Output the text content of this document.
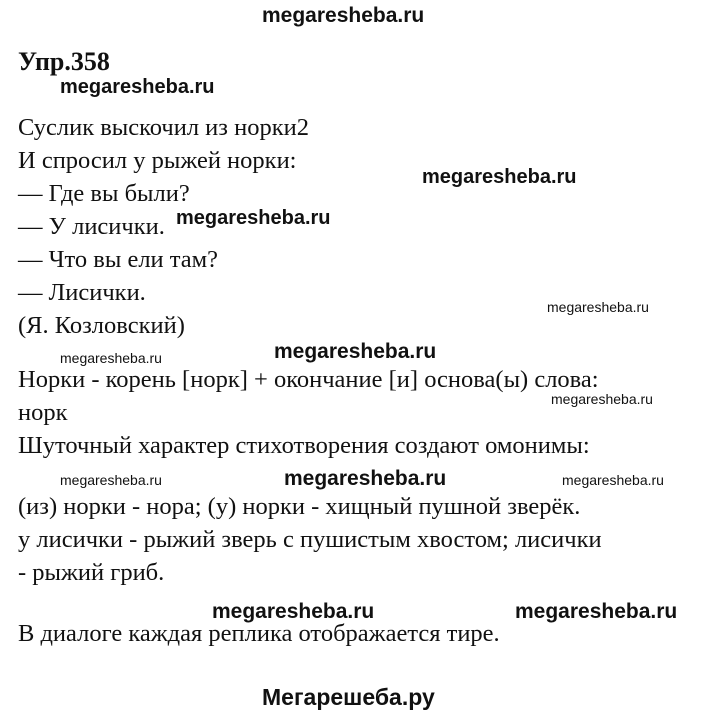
megaresheba.ru
Упр.358
megaresheba.ru
Суслик выскочил из норки2
И спросил у рыжей норки:
— Где вы были?
— У лисички.
— Что вы ели там?
— Лисички.
(Я. Козловский)
megaresheba.ru
megaresheba.ru
megaresheba.ru
megaresheba.ru	megaresheba.ru
megaresheba.ru
Норки - корень [норк] + окончание [и] основа(ы) слова:
норк
Шуточный характер стихотворения создают омонимы:
megaresheba.ru	megaresheba.ru	megaresheba.ru
(из) норки - нора; (у) норки - хищный пушной зверёк.
у лисички - рыжий зверь с пушистым хвостом; лисички
- рыжий гриб.
megaresheba.ru	megaresheba.ru
В диалоге каждая реплика отображается тире.
Мегарешеба.ру
